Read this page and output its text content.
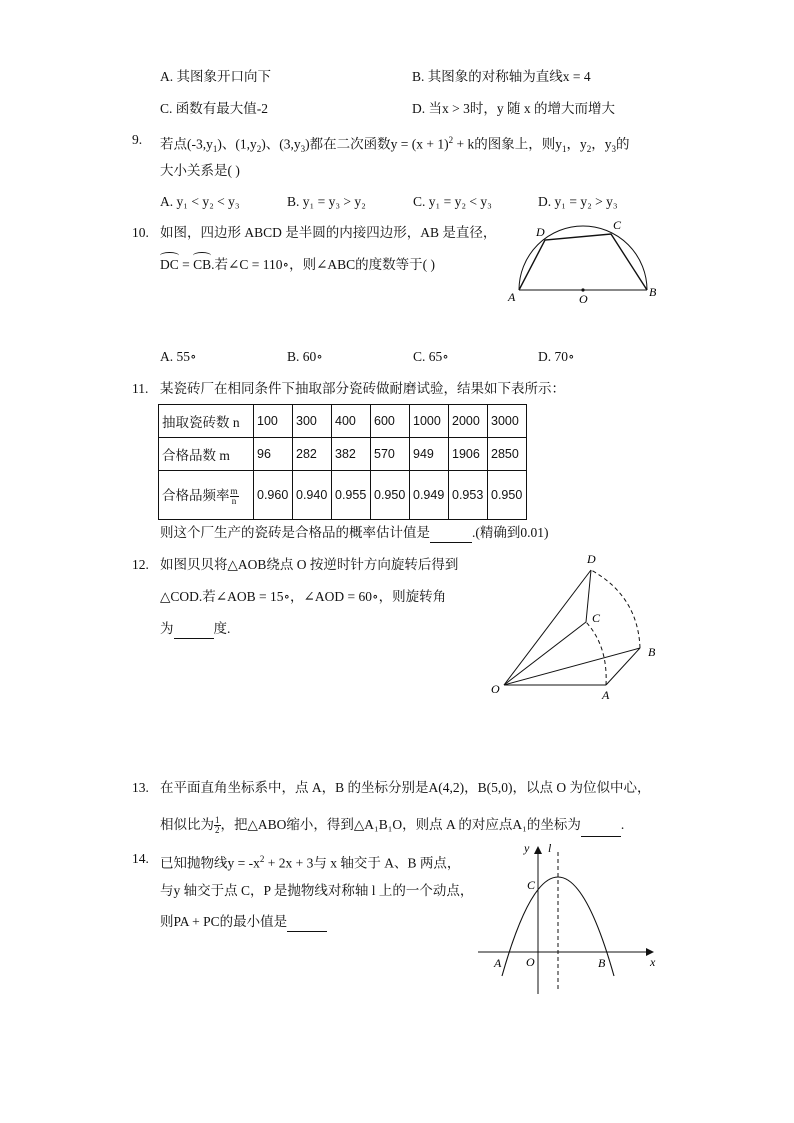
A. 其图象开口向下	B. 其图象的对称轴为直线x = 4
C. 函数有最大值-2	D. 当x > 3时，y 随 x 的增大而增大
9. 若点$(-3,y_1)$、$(1,y_2)$、$(3,y_3)$都在二次函数$y = (x + 1)^2 + k$的图象上，则$y_1$，$y_2$，$y_3$的
大小关系是( )
A. y₁ < y₂ < y₃	B. y₁ = y₃ > y₂	C. y₁ = y₂ < y₃	D. y₁ = y₂ > y₃
10. 如图，四边形 ABCD 是半圆的内接四边形，AB 是直径，
DC = CB.若∠C = 110∘，则∠ABC的度数等于( )
D	C
A	O	B
A. 55∘	B. 60∘	C. 65∘	D. 70∘
11. 某瓷砖厂在相同条件下抽取部分瓷砖做耐磨试验，结果如下表所示：
抽取瓷砖数 n	100	300	400	600	1000	2000	3000
合格品数 m	96	282	382	570	949	1906	2850
合格品频率 $\frac{m}{n}$	0.960	0.940	0.955	0.950	0.949	0.953	0.950
则这个厂生产的瓷砖是合格品的概率估计值是	.(精确到0.01)
12. 如图贝贝将△AOB绕点 O 按逆时针方向旋转后得到
△COD.若∠AOB = 15∘，∠AOD = 60∘，则旋转角
为	度.
D
C
B
A
O
13. 在平面直角坐标系中，点 A，B 的坐标分别是A(4,2)，B(5,0)，以点 O 为位似中心，
相似比为 $\frac{1}{2}$ ，把△ABO缩小，得到△A₁B₁O，则点 A 的对应点A₁的坐标为	.
14. 已知抛物线$y = -x^2 + 2x + 3$与 x 轴交于 A、B 两点，
与y 轴交于点 C，P 是抛物线对称轴 l 上的一个动点，
则PA + PC的最小值是
y l
C
A O	B	x
